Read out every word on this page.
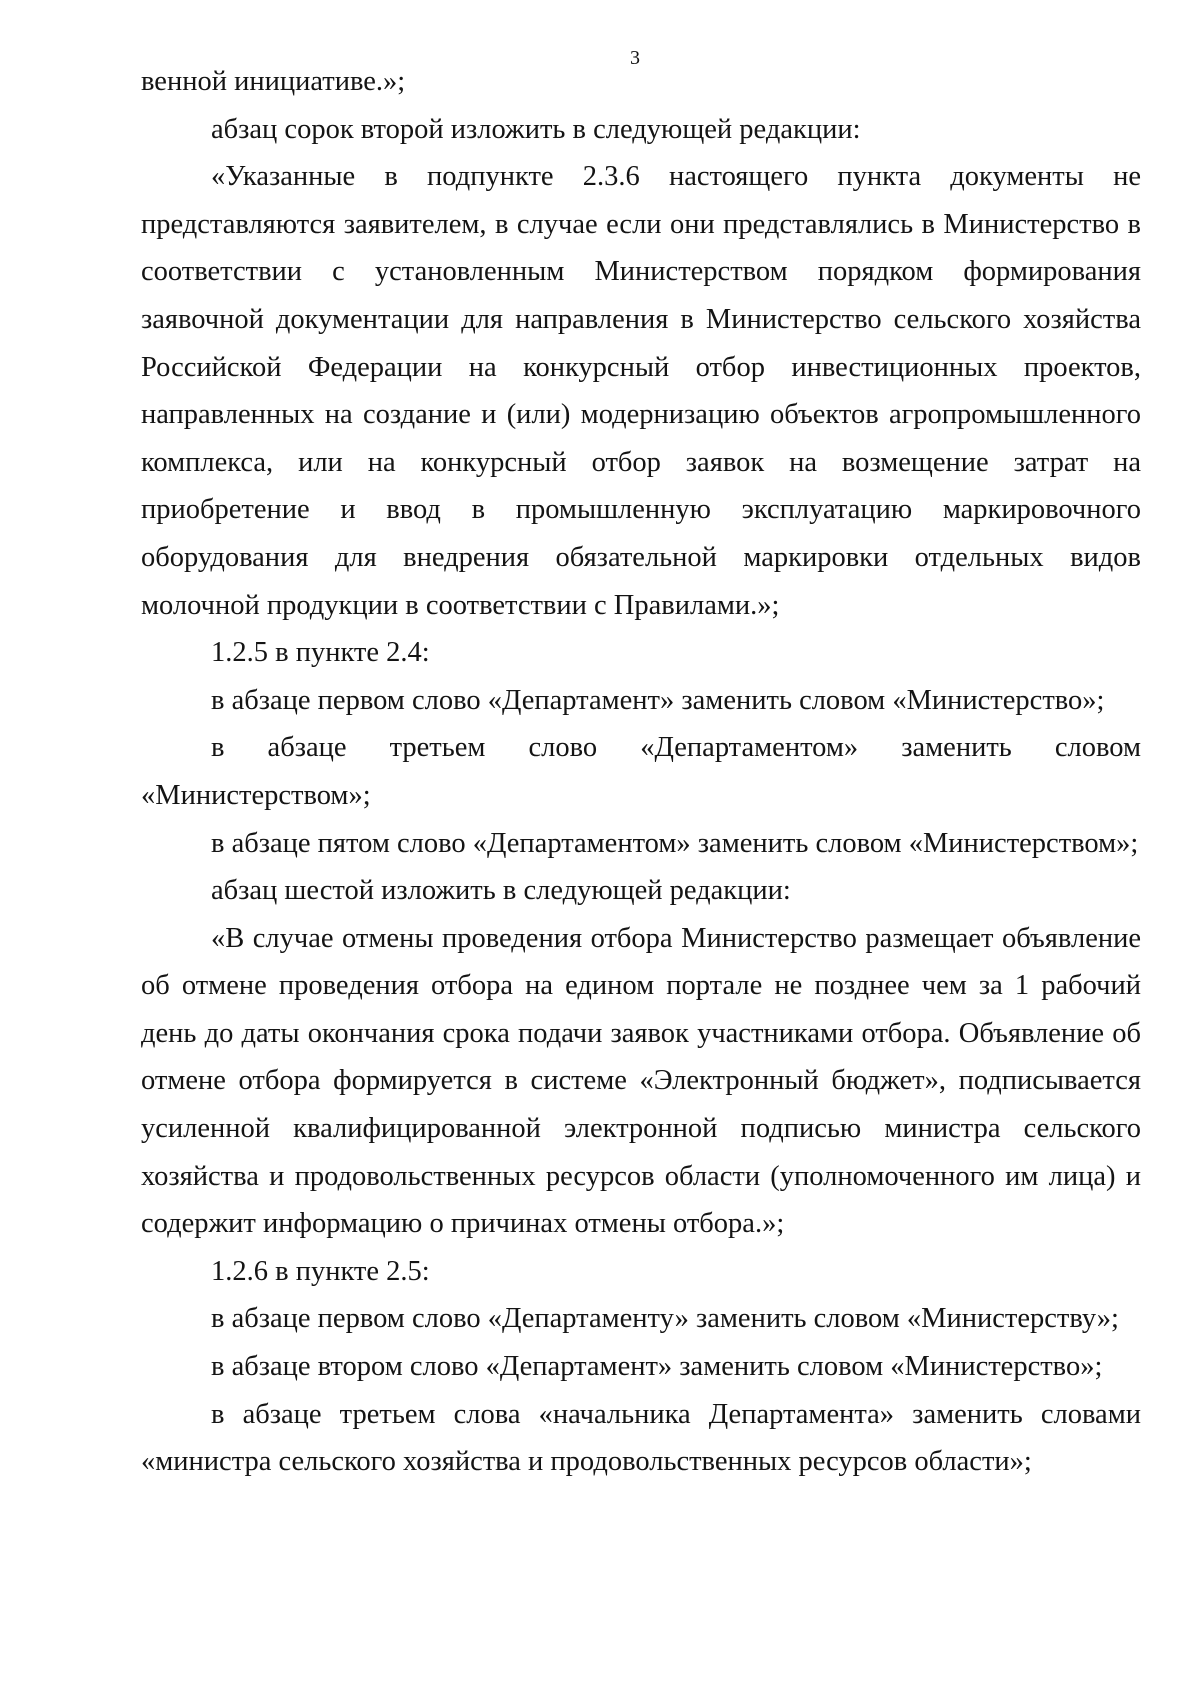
3

венной инициативе.»;

абзац сорок второй изложить в следующей редакции:

«Указанные в подпункте 2.3.6 настоящего пункта документы не представляются заявителем, в случае если они представлялись в Министерство в соответствии с установленным Министерством порядком формирования заявочной документации для направления в Министерство сельского хозяйства Российской Федерации на конкурсный отбор инвестиционных проектов, направленных на создание и (или) модернизацию объектов агропромышленного комплекса, или на конкурсный отбор заявок на возмещение затрат на приобретение и ввод в промышленную эксплуатацию маркировочного оборудования для внедрения обязательной маркировки отдельных видов молочной продукции в соответствии с Правилами.»;

1.2.5 в пункте 2.4:

в абзаце первом слово «Департамент» заменить словом «Министерство»;

в абзаце третьем слово «Департаментом» заменить словом «Министерством»;

в абзаце пятом слово «Департаментом» заменить словом «Министерством»;

абзац шестой изложить в следующей редакции:

«В случае отмены проведения отбора Министерство размещает объявление об отмене проведения отбора на едином портале не позднее чем за 1 рабочий день до даты окончания срока подачи заявок участниками отбора. Объявление об отмене отбора формируется в системе «Электронный бюджет», подписывается усиленной квалифицированной электронной подписью министра сельского хозяйства и продовольственных ресурсов области (уполномоченного им лица) и содержит информацию о причинах отмены отбора.»;

1.2.6 в пункте 2.5:

в абзаце первом слово «Департаменту» заменить словом «Министерству»;

в абзаце втором слово «Департамент» заменить словом «Министерство»;

в абзаце третьем слова «начальника Департамента» заменить словами «министра сельского хозяйства и продовольственных ресурсов области»;
